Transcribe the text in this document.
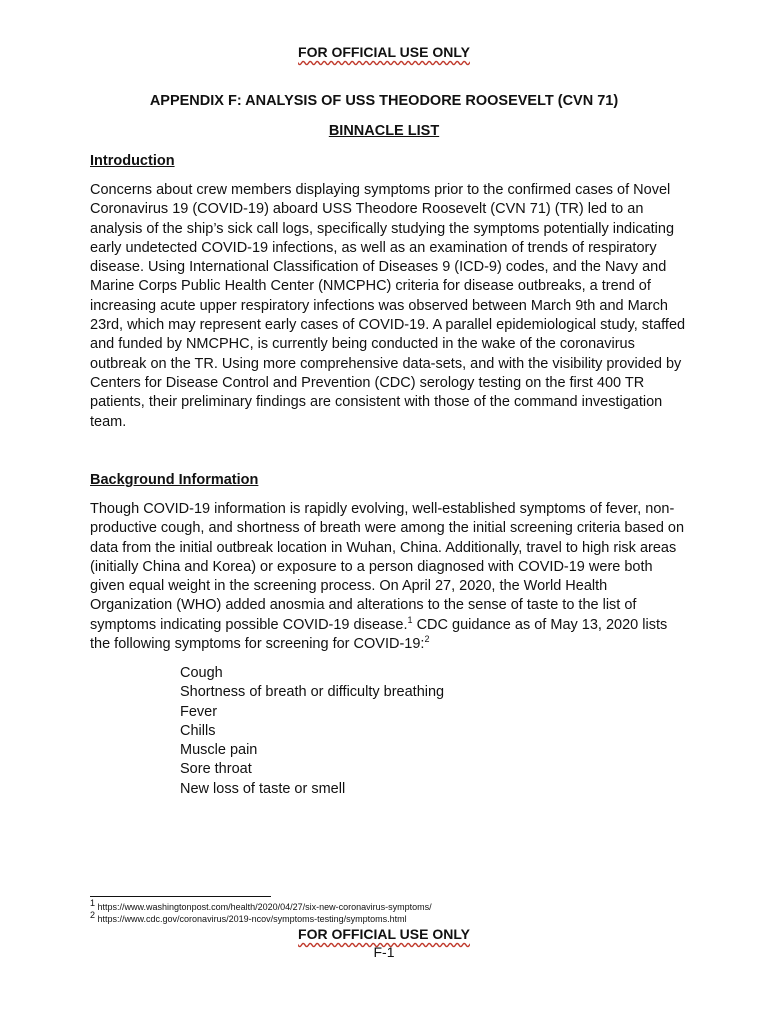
FOR OFFICIAL USE ONLY
APPENDIX F: ANALYSIS OF USS THEODORE ROOSEVELT (CVN 71)
BINNACLE LIST
Introduction

Concerns about crew members displaying symptoms prior to the confirmed cases of Novel Coronavirus 19 (COVID-19) aboard USS Theodore Roosevelt (CVN 71) (TR) led to an analysis of the ship’s sick call logs, specifically studying the symptoms potentially indicating early undetected COVID-19 infections, as well as an examination of trends of respiratory disease. Using International Classification of Diseases 9 (ICD-9) codes, and the Navy and Marine Corps Public Health Center (NMCPHC) criteria for disease outbreaks, a trend of increasing acute upper respiratory infections was observed between March 9th and March 23rd, which may represent early cases of COVID-19. A parallel epidemiological study, staffed and funded by NMCPHC, is currently being conducted in the wake of the coronavirus outbreak on the TR. Using more comprehensive data-sets, and with the visibility provided by Centers for Disease Control and Prevention (CDC) serology testing on the first 400 TR patients, their preliminary findings are consistent with those of the command investigation team.

Background Information

Though COVID-19 information is rapidly evolving, well-established symptoms of fever, non-productive cough, and shortness of breath were among the initial screening criteria based on data from the initial outbreak location in Wuhan, China. Additionally, travel to high risk areas (initially China and Korea) or exposure to a person diagnosed with COVID-19 were both given equal weight in the screening process. On April 27, 2020, the World Health Organization (WHO) added anosmia and alterations to the sense of taste to the list of symptoms indicating possible COVID-19 disease.$^1$ CDC guidance as of May 13, 2020 lists the following symptoms for screening for COVID-19:$^2$

Cough
Shortness of breath or difficulty breathing
Fever
Chills
Muscle pain
Sore throat
New loss of taste or smell
$^1$ https://www.washingtonpost.com/health/2020/04/27/six-new-coronavirus-symptoms/
$^2$ https://www.cdc.gov/coronavirus/2019-ncov/symptoms-testing/symptoms.html
FOR OFFICIAL USE ONLY
F-1
